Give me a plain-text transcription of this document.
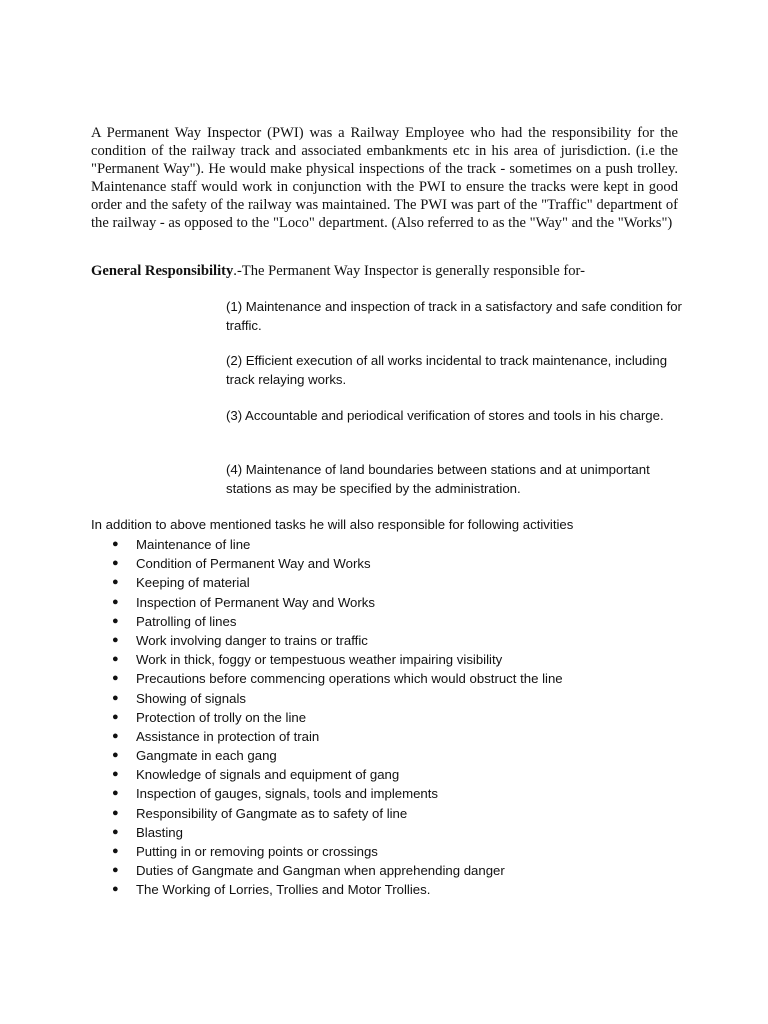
A Permanent Way Inspector (PWI) was a Railway Employee who had the responsibility for the condition of the railway track and associated embankments etc in his area of jurisdiction. (i.e the "Permanent Way"). He would make physical inspections of the track - sometimes on a push trolley. Maintenance staff would work in conjunction with the PWI to ensure the tracks were kept in good order and the safety of the railway was maintained. The PWI was part of the "Traffic" department of the railway - as opposed to the "Loco" department. (Also referred to as the "Way" and the "Works")

General Responsibility.-The Permanent Way Inspector is generally responsible for-

(1) Maintenance and inspection of track in a satisfactory and safe condition for traffic.

(2) Efficient execution of all works incidental to track maintenance, including track relaying works.

(3) Accountable and periodical verification of stores and tools in his charge.

(4) Maintenance of land boundaries between stations and at unimportant stations as may be specified by the administration.

In addition to above mentioned tasks he will also responsible for following activities

● Maintenance of line
● Condition of Permanent Way and Works
● Keeping of material
● Inspection of Permanent Way and Works
● Patrolling of lines
● Work involving danger to trains or traffic
● Work in thick, foggy or tempestuous weather impairing visibility
● Precautions before commencing operations which would obstruct the line
● Showing of signals
● Protection of trolly on the line
● Assistance in protection of train
● Gangmate in each gang
● Knowledge of signals and equipment of gang
● Inspection of gauges, signals, tools and implements
● Responsibility of Gangmate as to safety of line
● Blasting
● Putting in or removing points or crossings
● Duties of Gangmate and Gangman when apprehending danger
● The Working of Lorries, Trollies and Motor Trollies.
